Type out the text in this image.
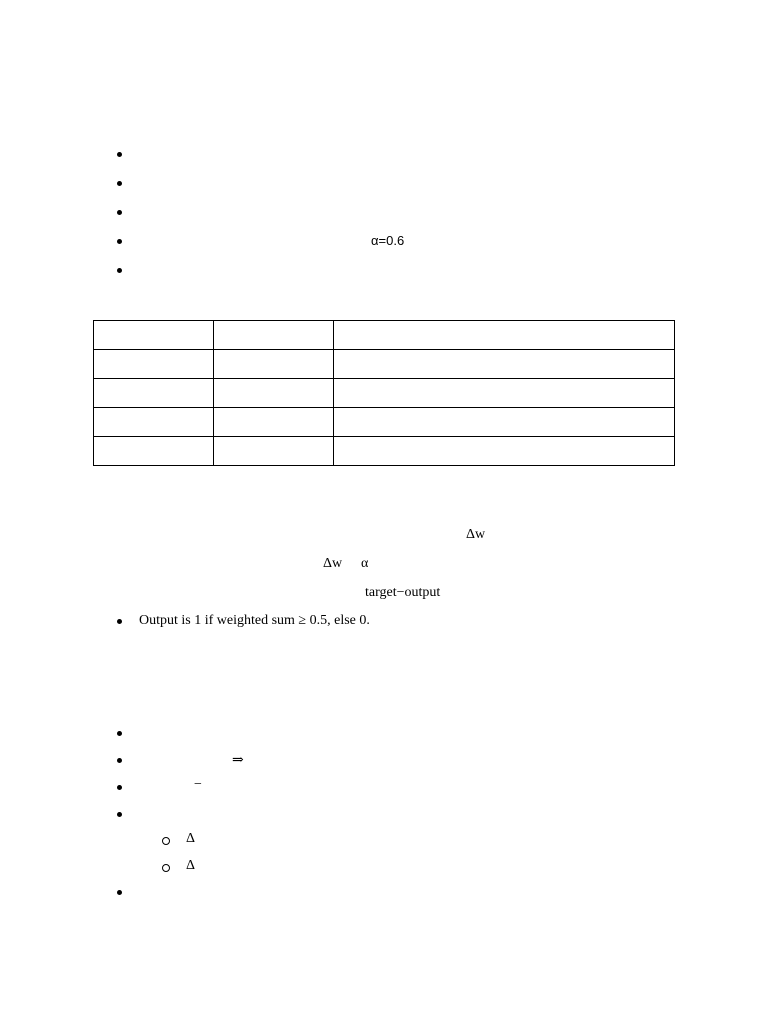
α=0.6

Δw
Δw α
target−output
Output is 1 if weighted sum ≥ 0.5, else 0.
⇒
−
Δ
Δ
